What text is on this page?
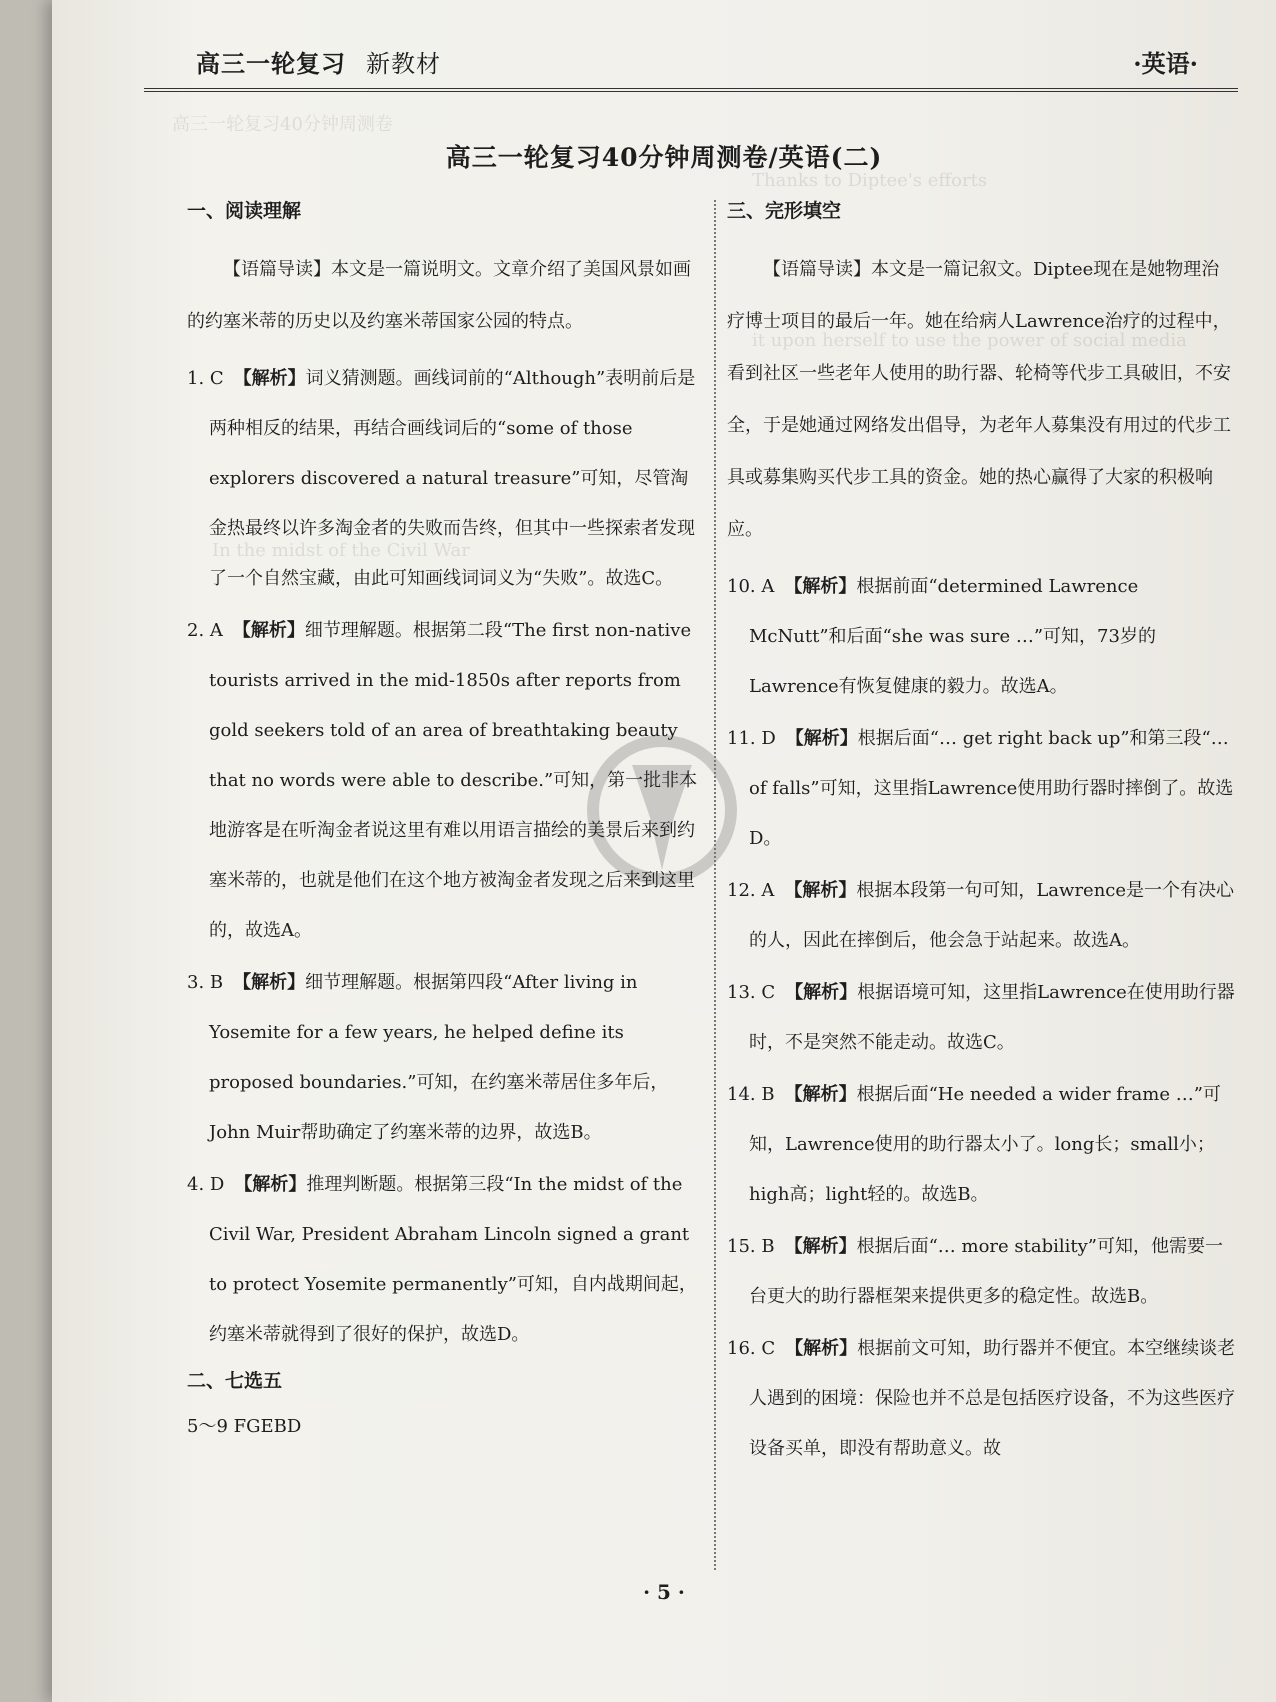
高三一轮复习40分钟周测卷
Thanks to Diptee's efforts
it upon herself to use the power of social media
In the midst of the Civil War
高三一轮复习 新教材	·英语·
高三一轮复习40分钟周测卷/英语(二)
一、阅读理解
【语篇导读】本文是一篇说明文。文章介绍了美国风景如画的约塞米蒂的历史以及约塞米蒂国家公园的特点。
1. C 【解析】词义猜测题。画线词前的“Although”表明前后是两种相反的结果，再结合画线词后的“some of those explorers discovered a natural treasure”可知，尽管淘金热最终以许多淘金者的失败而告终，但其中一些探索者发现了一个自然宝藏，由此可知画线词词义为“失败”。故选C。
2. A 【解析】细节理解题。根据第二段“The first non-native tourists arrived in the mid-1850s after reports from gold seekers told of an area of breathtaking beauty that no words were able to describe.”可知，第一批非本地游客是在听淘金者说这里有难以用语言描绘的美景后来到约塞米蒂的，也就是他们在这个地方被淘金者发现之后来到这里的，故选A。
3. B 【解析】细节理解题。根据第四段“After living in Yosemite for a few years, he helped define its proposed boundaries.”可知，在约塞米蒂居住多年后，John Muir帮助确定了约塞米蒂的边界，故选B。
4. D 【解析】推理判断题。根据第三段“In the midst of the Civil War, President Abraham Lincoln signed a grant to protect Yosemite permanently”可知，自内战期间起，约塞米蒂就得到了很好的保护，故选D。
二、七选五
5～9 FGEBD
三、完形填空
【语篇导读】本文是一篇记叙文。Diptee现在是她物理治疗博士项目的最后一年。她在给病人Lawrence治疗的过程中，看到社区一些老年人使用的助行器、轮椅等代步工具破旧，不安全，于是她通过网络发出倡导，为老年人募集没有用过的代步工具或募集购买代步工具的资金。她的热心赢得了大家的积极响应。
10. A 【解析】根据前面“determined Lawrence McNutt”和后面“she was sure …”可知，73岁的Lawrence有恢复健康的毅力。故选A。
11. D 【解析】根据后面“… get right back up”和第三段“… of falls”可知，这里指Lawrence使用助行器时摔倒了。故选D。
12. A 【解析】根据本段第一句可知，Lawrence是一个有决心的人，因此在摔倒后，他会急于站起来。故选A。
13. C 【解析】根据语境可知，这里指Lawrence在使用助行器时，不是突然不能走动。故选C。
14. B 【解析】根据后面“He needed a wider frame …”可知，Lawrence使用的助行器太小了。long长；small小；high高；light轻的。故选B。
15. B 【解析】根据后面“… more stability”可知，他需要一台更大的助行器框架来提供更多的稳定性。故选B。
16. C 【解析】根据前文可知，助行器并不便宜。本空继续谈老人遇到的困境：保险也并不总是包括医疗设备，不为这些医疗设备买单，即没有帮助意义。故
· 5 ·
